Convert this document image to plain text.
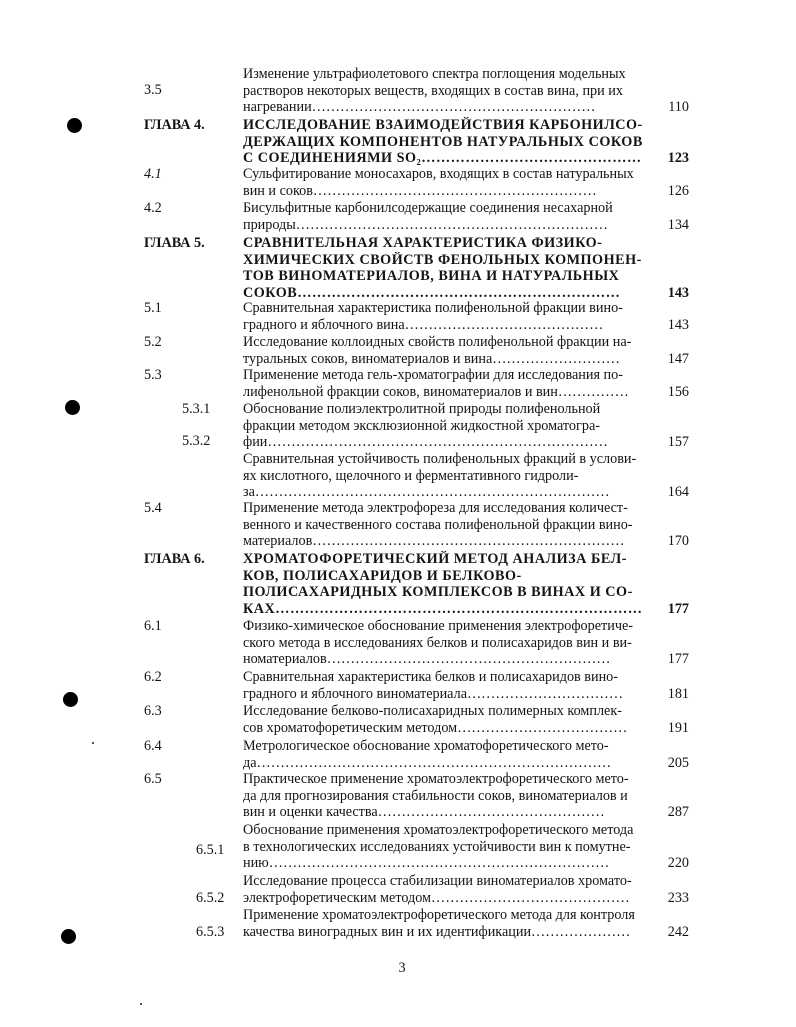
3.5
Изменение ультрафиолетового спектра поглощения модельных
растворов некоторых веществ, входящих в состав вина, при их
нагревании……………………………………………………	110
ГЛАВА 4.	ИССЛЕДОВАНИЕ ВЗАИМОДЕЙСТВИЯ КАРБОНИЛСО-
ДЕРЖАЩИХ КОМПОНЕНТОВ НАТУРАЛЬНЫХ СОКОВ
С СОЕДИНЕНИЯМИ SO₂………………………………………	123
4.1	Сульфитирование моносахаров, входящих в состав натуральных
вин и соков……………………………………………………	126
4.2	Бисульфитные карбонилсодержащие соединения несахарной
природы…………………………………………………………	134
ГЛАВА 5.	СРАВНИТЕЛЬНАЯ ХАРАКТЕРИСТИКА ФИЗИКО-
ХИМИЧЕСКИХ СВОЙСТВ ФЕНОЛЬНЫХ КОМПОНЕН-
ТОВ ВИНОМАТЕРИАЛОВ, ВИНА И НАТУРАЛЬНЫХ
СОКОВ…………………………………………………………	143
5.1	Сравнительная характеристика полифенольной фракции вино-
градного и яблочного вина……………………………………	143
5.2	Исследование коллоидных свойств полифенольной фракции на-
туральных соков, виноматериалов и вина………………………	147
5.3	Применение метода гель-хроматографии для исследования по-
лифенольной фракции соков, виноматериалов и вин……………	156
5.3.1 Обоснование полиэлектролитной природы полифенольной
фракции методом эксклюзионной жидкостной хроматогра-
фии………………………………………………………………	157
5.3.2
Сравнительная устойчивость полифенольных фракций в услови-
ях кислотного, щелочного и ферментативного гидроли-
за…………………………………………………………………	164
5.4	Применение метода электрофореза для исследования количест-
венного и качественного состава полифенольной фракции вино-
материалов…………………………………………………………	170
ГЛАВА 6.	ХРОМАТОФОРЕТИЧЕСКИЙ МЕТОД АНАЛИЗА БЕЛ-
КОВ, ПОЛИСАХАРИДОВ И БЕЛКОВО-
ПОЛИСАХАРИДНЫХ КОМПЛЕКСОВ В ВИНАХ И СО-
КАХ…………………………………………………………………	177
6.1	Физико-химическое обоснование применения электрофоретиче-
ского метода в исследованиях белков и полисахаридов вин и ви-
номатериалов……………………………………………………	177
6.2	Сравнительная характеристика белков и полисахаридов вино-
градного и яблочного виноматериала……………………………	181
6.3	Исследование белково-полисахаридных полимерных комплек-
сов хроматофоретическим методом………………………………	191
6.4	Метрологическое обоснование хроматофоретического мето-
да…………………………………………………………………	205
6.5	Практическое применение хроматоэлектрофоретического мето-
да для прогнозирования стабильности соков, виноматериалов и
вин и оценки качества…………………………………………	287
6.5.1
Обоснование применения хроматоэлектрофоретического метода
в технологических исследованиях устойчивости вин к помутне-
нию………………………………………………………………	220
6.5.2
Исследование процесса стабилизации виноматериалов хромато-
электрофоретическим методом……………………………………	233
6.5.3
Применение хроматоэлектрофоретического метода для контроля
качества виноградных вин и их идентификации…………………	242
3
